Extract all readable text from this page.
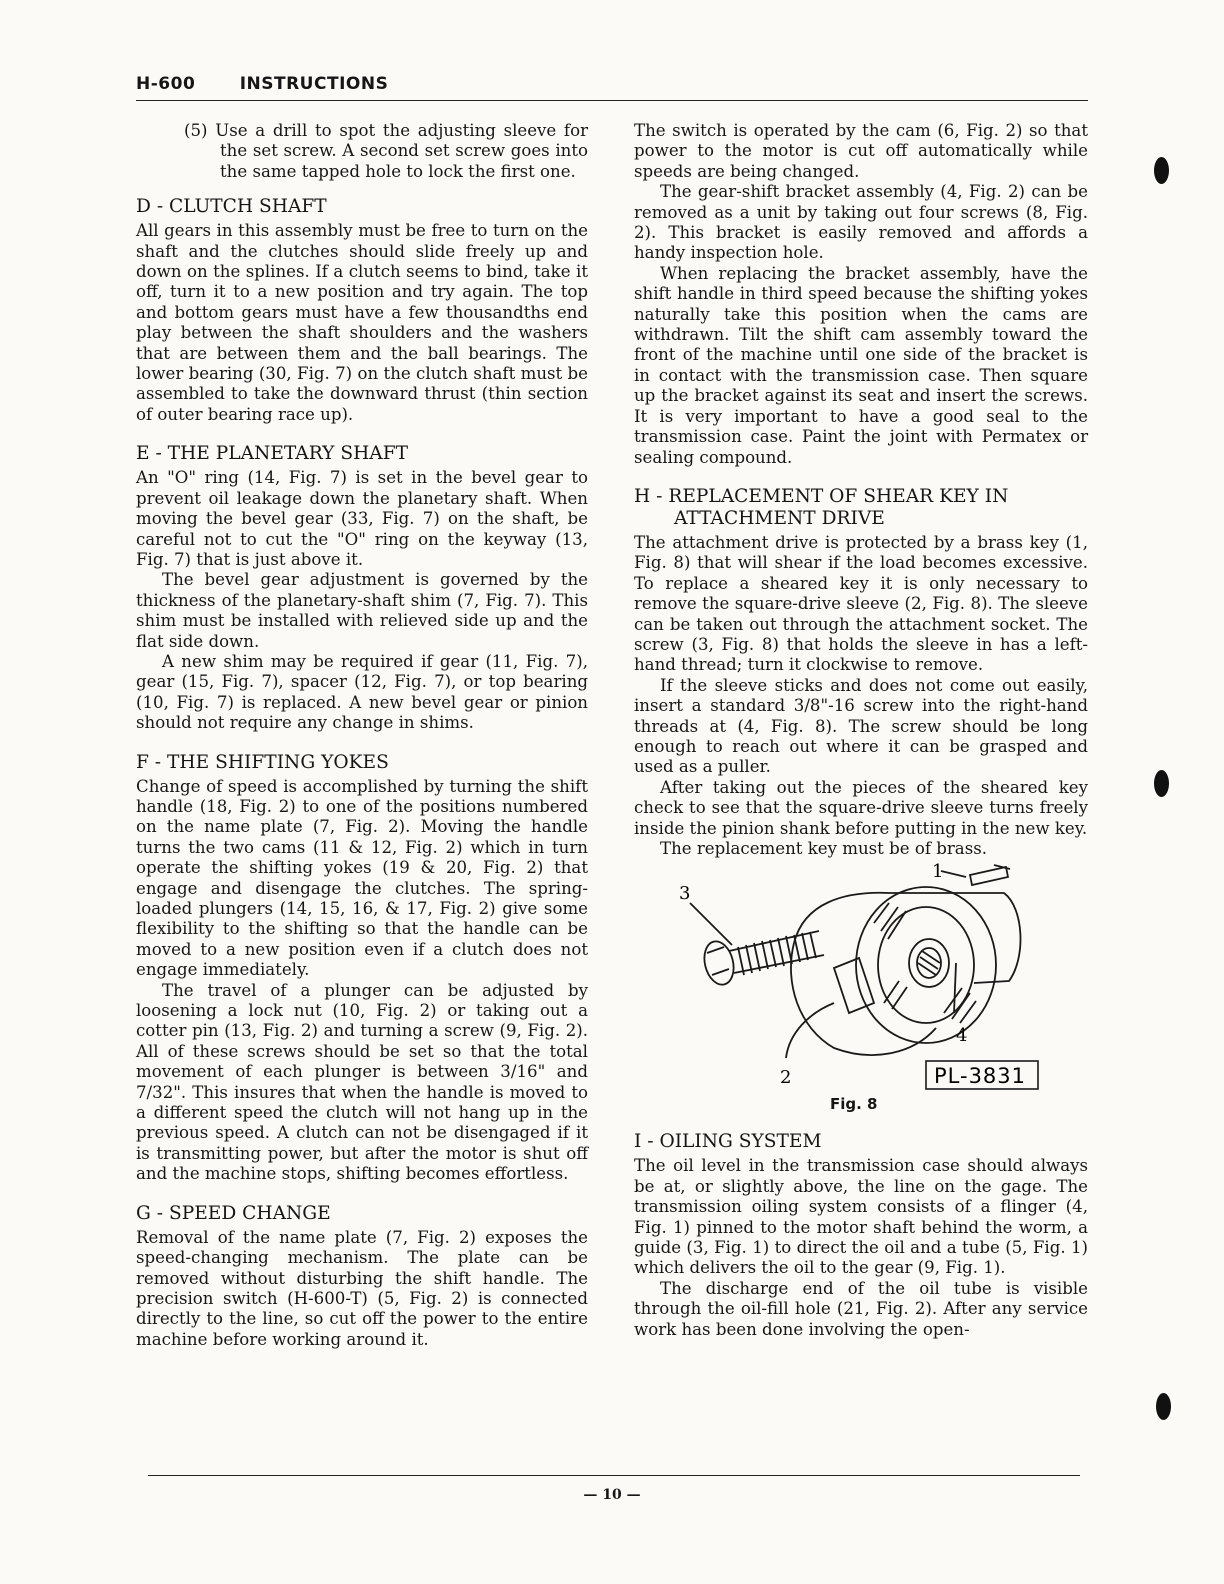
H-600	INSTRUCTIONS

(5) Use a drill to spot the adjusting sleeve for the set screw. A second set screw goes into the same tapped hole to lock the first one.

D - CLUTCH SHAFT

All gears in this assembly must be free to turn on the shaft and the clutches should slide freely up and down on the splines. If a clutch seems to bind, take it off, turn it to a new position and try again. The top and bottom gears must have a few thousandths end play between the shaft shoulders and the washers that are between them and the ball bearings. The lower bearing (30, Fig. 7) on the clutch shaft must be assembled to take the downward thrust (thin section of outer bearing race up).

E - THE PLANETARY SHAFT

An "O" ring (14, Fig. 7) is set in the bevel gear to prevent oil leakage down the planetary shaft. When moving the bevel gear (33, Fig. 7) on the shaft, be careful not to cut the "O" ring on the keyway (13, Fig. 7) that is just above it.

The bevel gear adjustment is governed by the thickness of the planetary-shaft shim (7, Fig. 7). This shim must be installed with relieved side up and the flat side down.

A new shim may be required if gear (11, Fig. 7), gear (15, Fig. 7), spacer (12, Fig. 7), or top bearing (10, Fig. 7) is replaced. A new bevel gear or pinion should not require any change in shims.

F - THE SHIFTING YOKES

Change of speed is accomplished by turning the shift handle (18, Fig. 2) to one of the positions numbered on the name plate (7, Fig. 2). Moving the handle turns the two cams (11 & 12, Fig. 2) which in turn operate the shifting yokes (19 & 20, Fig. 2) that engage and disengage the clutches. The spring-loaded plungers (14, 15, 16, & 17, Fig. 2) give some flexibility to the shifting so that the handle can be moved to a new position even if a clutch does not engage immediately.

The travel of a plunger can be adjusted by loosening a lock nut (10, Fig. 2) or taking out a cotter pin (13, Fig. 2) and turning a screw (9, Fig. 2). All of these screws should be set so that the total movement of each plunger is between 3/16" and 7/32". This insures that when the handle is moved to a different speed the clutch will not hang up in the previous speed. A clutch can not be disengaged if it is transmitting power, but after the motor is shut off and the machine stops, shifting becomes effortless.

G - SPEED CHANGE

Removal of the name plate (7, Fig. 2) exposes the speed-changing mechanism. The plate can be removed without disturbing the shift handle. The precision switch (H-600-T) (5, Fig. 2) is connected directly to the line, so cut off the power to the entire machine before working around it.

The switch is operated by the cam (6, Fig. 2) so that power to the motor is cut off automatically while speeds are being changed.

The gear-shift bracket assembly (4, Fig. 2) can be removed as a unit by taking out four screws (8, Fig. 2). This bracket is easily removed and affords a handy inspection hole.

When replacing the bracket assembly, have the shift handle in third speed because the shifting yokes naturally take this position when the cams are withdrawn. Tilt the shift cam assembly toward the front of the machine until one side of the bracket is in contact with the transmission case. Then square up the bracket against its seat and insert the screws. It is very important to have a good seal to the transmission case. Paint the joint with Permatex or sealing compound.

H - REPLACEMENT OF SHEAR KEY IN
ATTACHMENT DRIVE

The attachment drive is protected by a brass key (1, Fig. 8) that will shear if the load becomes excessive. To replace a sheared key it is only necessary to remove the square-drive sleeve (2, Fig. 8). The sleeve can be taken out through the attachment socket. The screw (3, Fig. 8) that holds the sleeve in has a left-hand thread; turn it clockwise to remove.

If the sleeve sticks and does not come out easily, insert a standard 3/8"-16 screw into the right-hand threads at (4, Fig. 8). The screw should be long enough to reach out where it can be grasped and used as a puller.

After taking out the pieces of the sheared key check to see that the square-drive sleeve turns freely inside the pinion shank before putting in the new key.

The replacement key must be of brass.

1
3
4
2	PL-3831
Fig. 8
I - OILING SYSTEM

The oil level in the transmission case should always be at, or slightly above, the line on the gage. The transmission oiling system consists of a flinger (4, Fig. 1) pinned to the motor shaft behind the worm, a guide (3, Fig. 1) to direct the oil and a tube (5, Fig. 1) which delivers the oil to the gear (9, Fig. 1).

The discharge end of the oil tube is visible through the oil-fill hole (21, Fig. 2). After any service work has been done involving the open-

— 10 —
